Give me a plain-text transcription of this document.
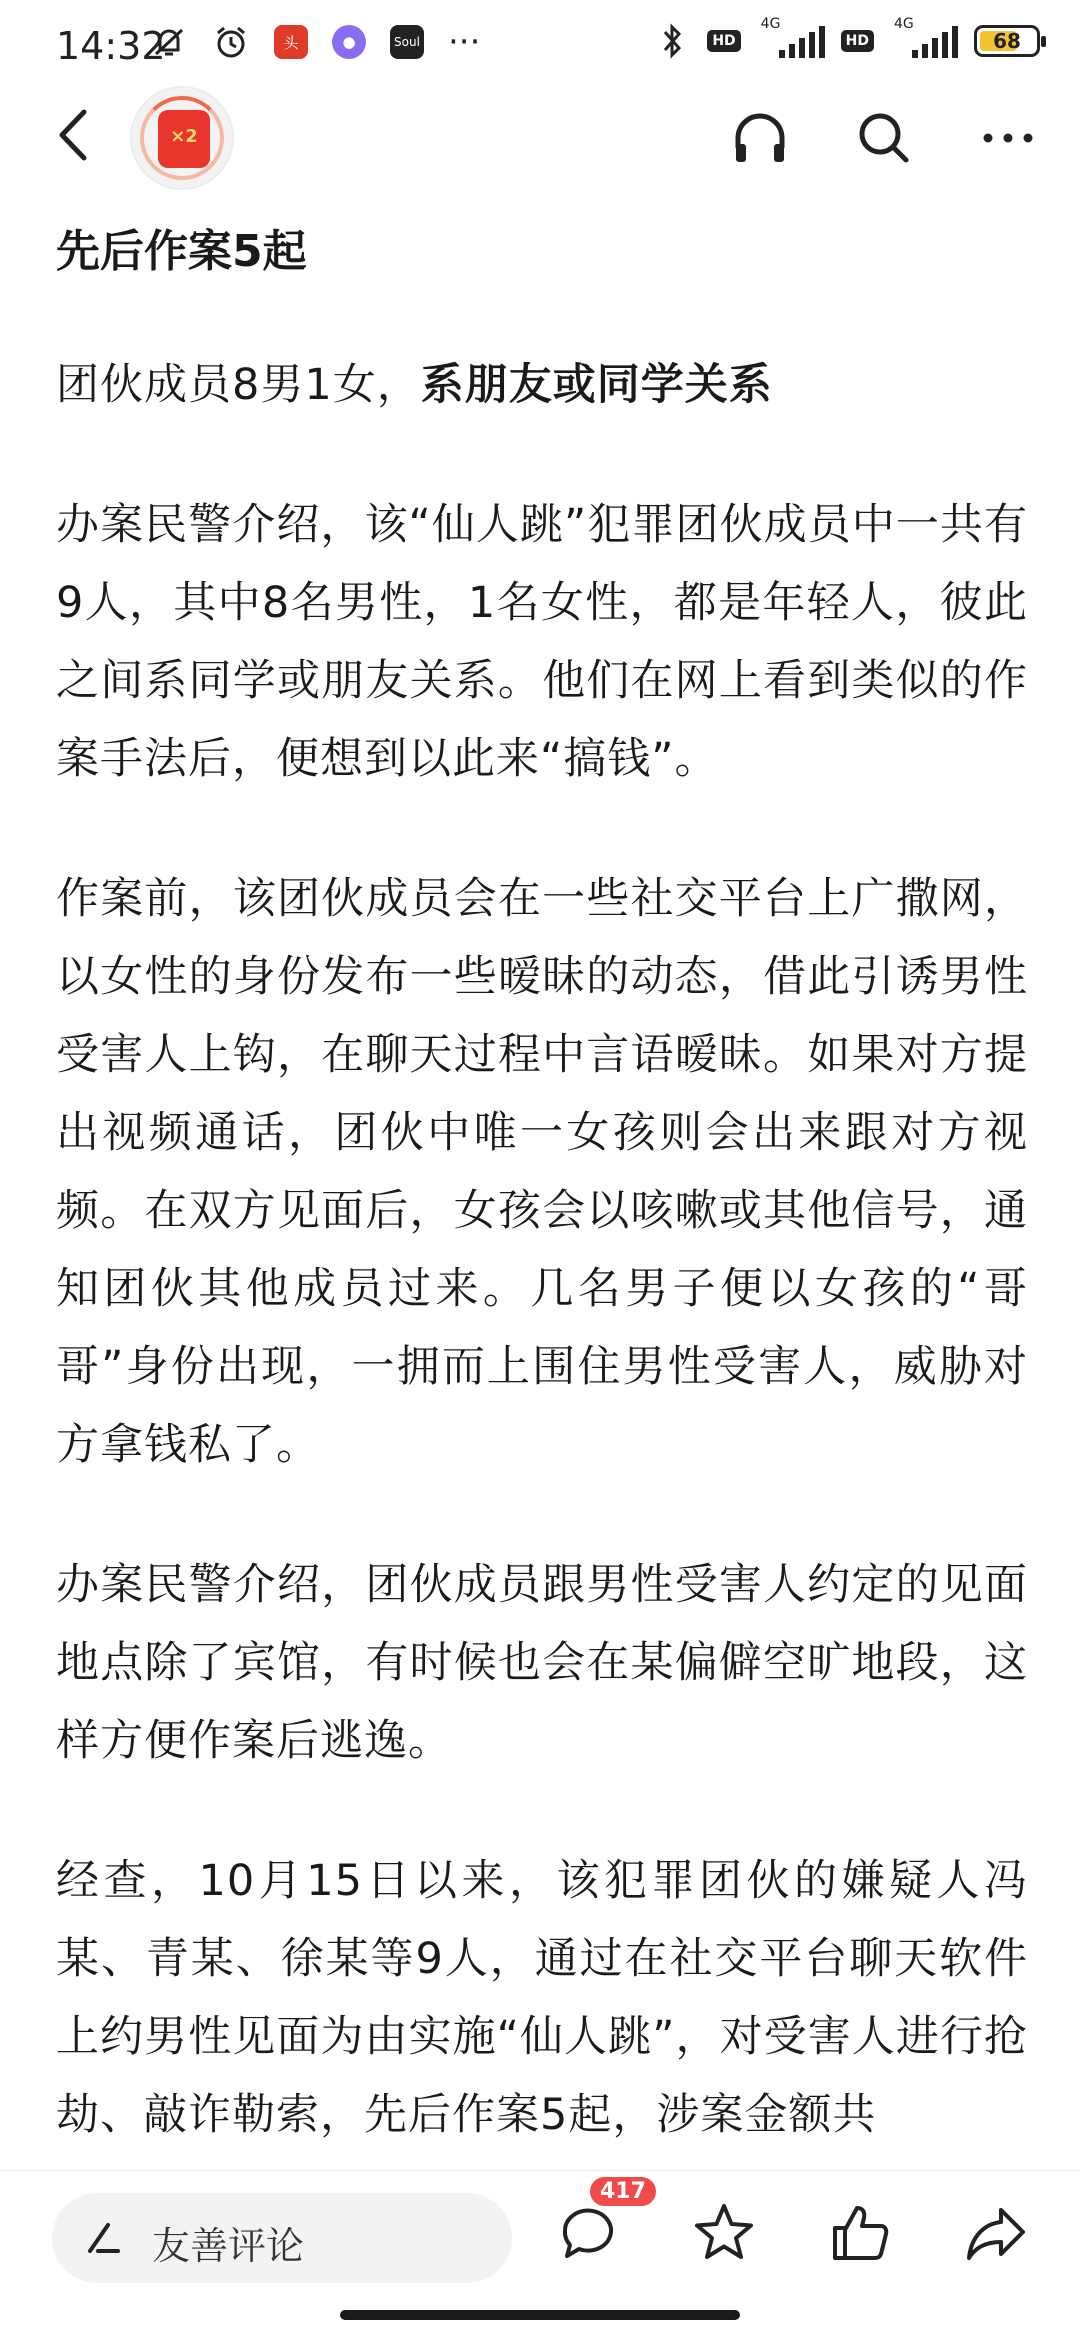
14:32	头	●	Soul ···	HD
4G
HD
4G
68
×2

先后作案5起

团伙成员8男1女，系朋友或同学关系

办案民警介绍，该“仙人跳”犯罪团伙成员中一共有9人，其中8名男性，1名女性，都是年轻人，彼此之间系同学或朋友关系。他们在网上看到类似的作案手法后，便想到以此来“搞钱”。

作案前，该团伙成员会在一些社交平台上广撒网，以女性的身份发布一些暧昧的动态，借此引诱男性受害人上钩，在聊天过程中言语暧昧。如果对方提出视频通话，团伙中唯一女孩则会出来跟对方视频。在双方见面后，女孩会以咳嗽或其他信号，通知团伙其他成员过来。几名男子便以女孩的“哥哥”身份出现，一拥而上围住男性受害人，威胁对方拿钱私了。

办案民警介绍，团伙成员跟男性受害人约定的见面地点除了宾馆，有时候也会在某偏僻空旷地段，这样方便作案后逃逸。

经查，10月15日以来，该犯罪团伙的嫌疑人冯某、青某、徐某等9人，通过在社交平台聊天软件上约男性见面为由实施“仙人跳”，对受害人进行抢劫、敲诈勒索，先后作案5起，涉案金额共

友善评论
417
